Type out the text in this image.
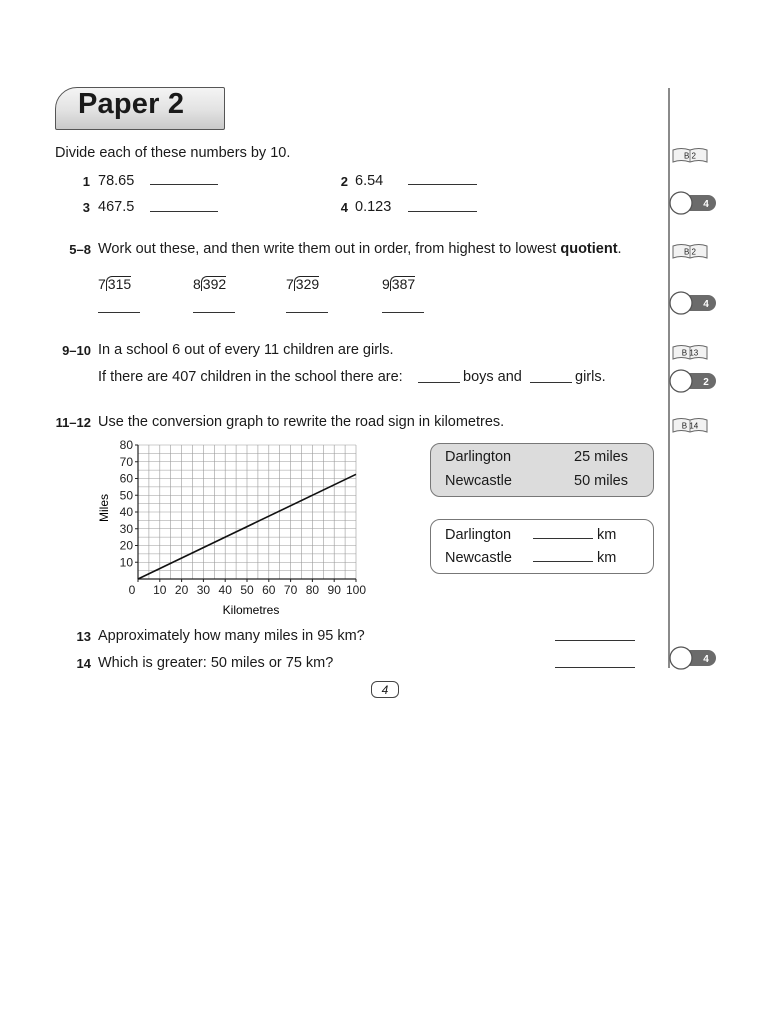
Paper 2
Divide each of these numbers by 10.
1 78.65	2 6.54
3 467.5	4 0.123
5–8 Work out these, and then write them out in order, from highest to lowest quotient.
7 315	8 392	7 329	9 387
9–10 In a school 6 out of every 11 children are girls.
If there are 407 children in the school there are:	boys and	girls.
11–12 Use the conversion graph to rewrite the road sign in kilometres.
0 10 20 30 40 50 60 70 80 90 100
10
20
30
40
50
60
70
80
Kilometres
Miles
Darlington	25 miles
Newcastle	50 miles
Darlington	km
Newcastle	km
13 Approximately how many miles in 95 km?
14 Which is greater: 50 miles or 75 km?
4
B 2
B 2
B 13
B 14
4
4
2
4
